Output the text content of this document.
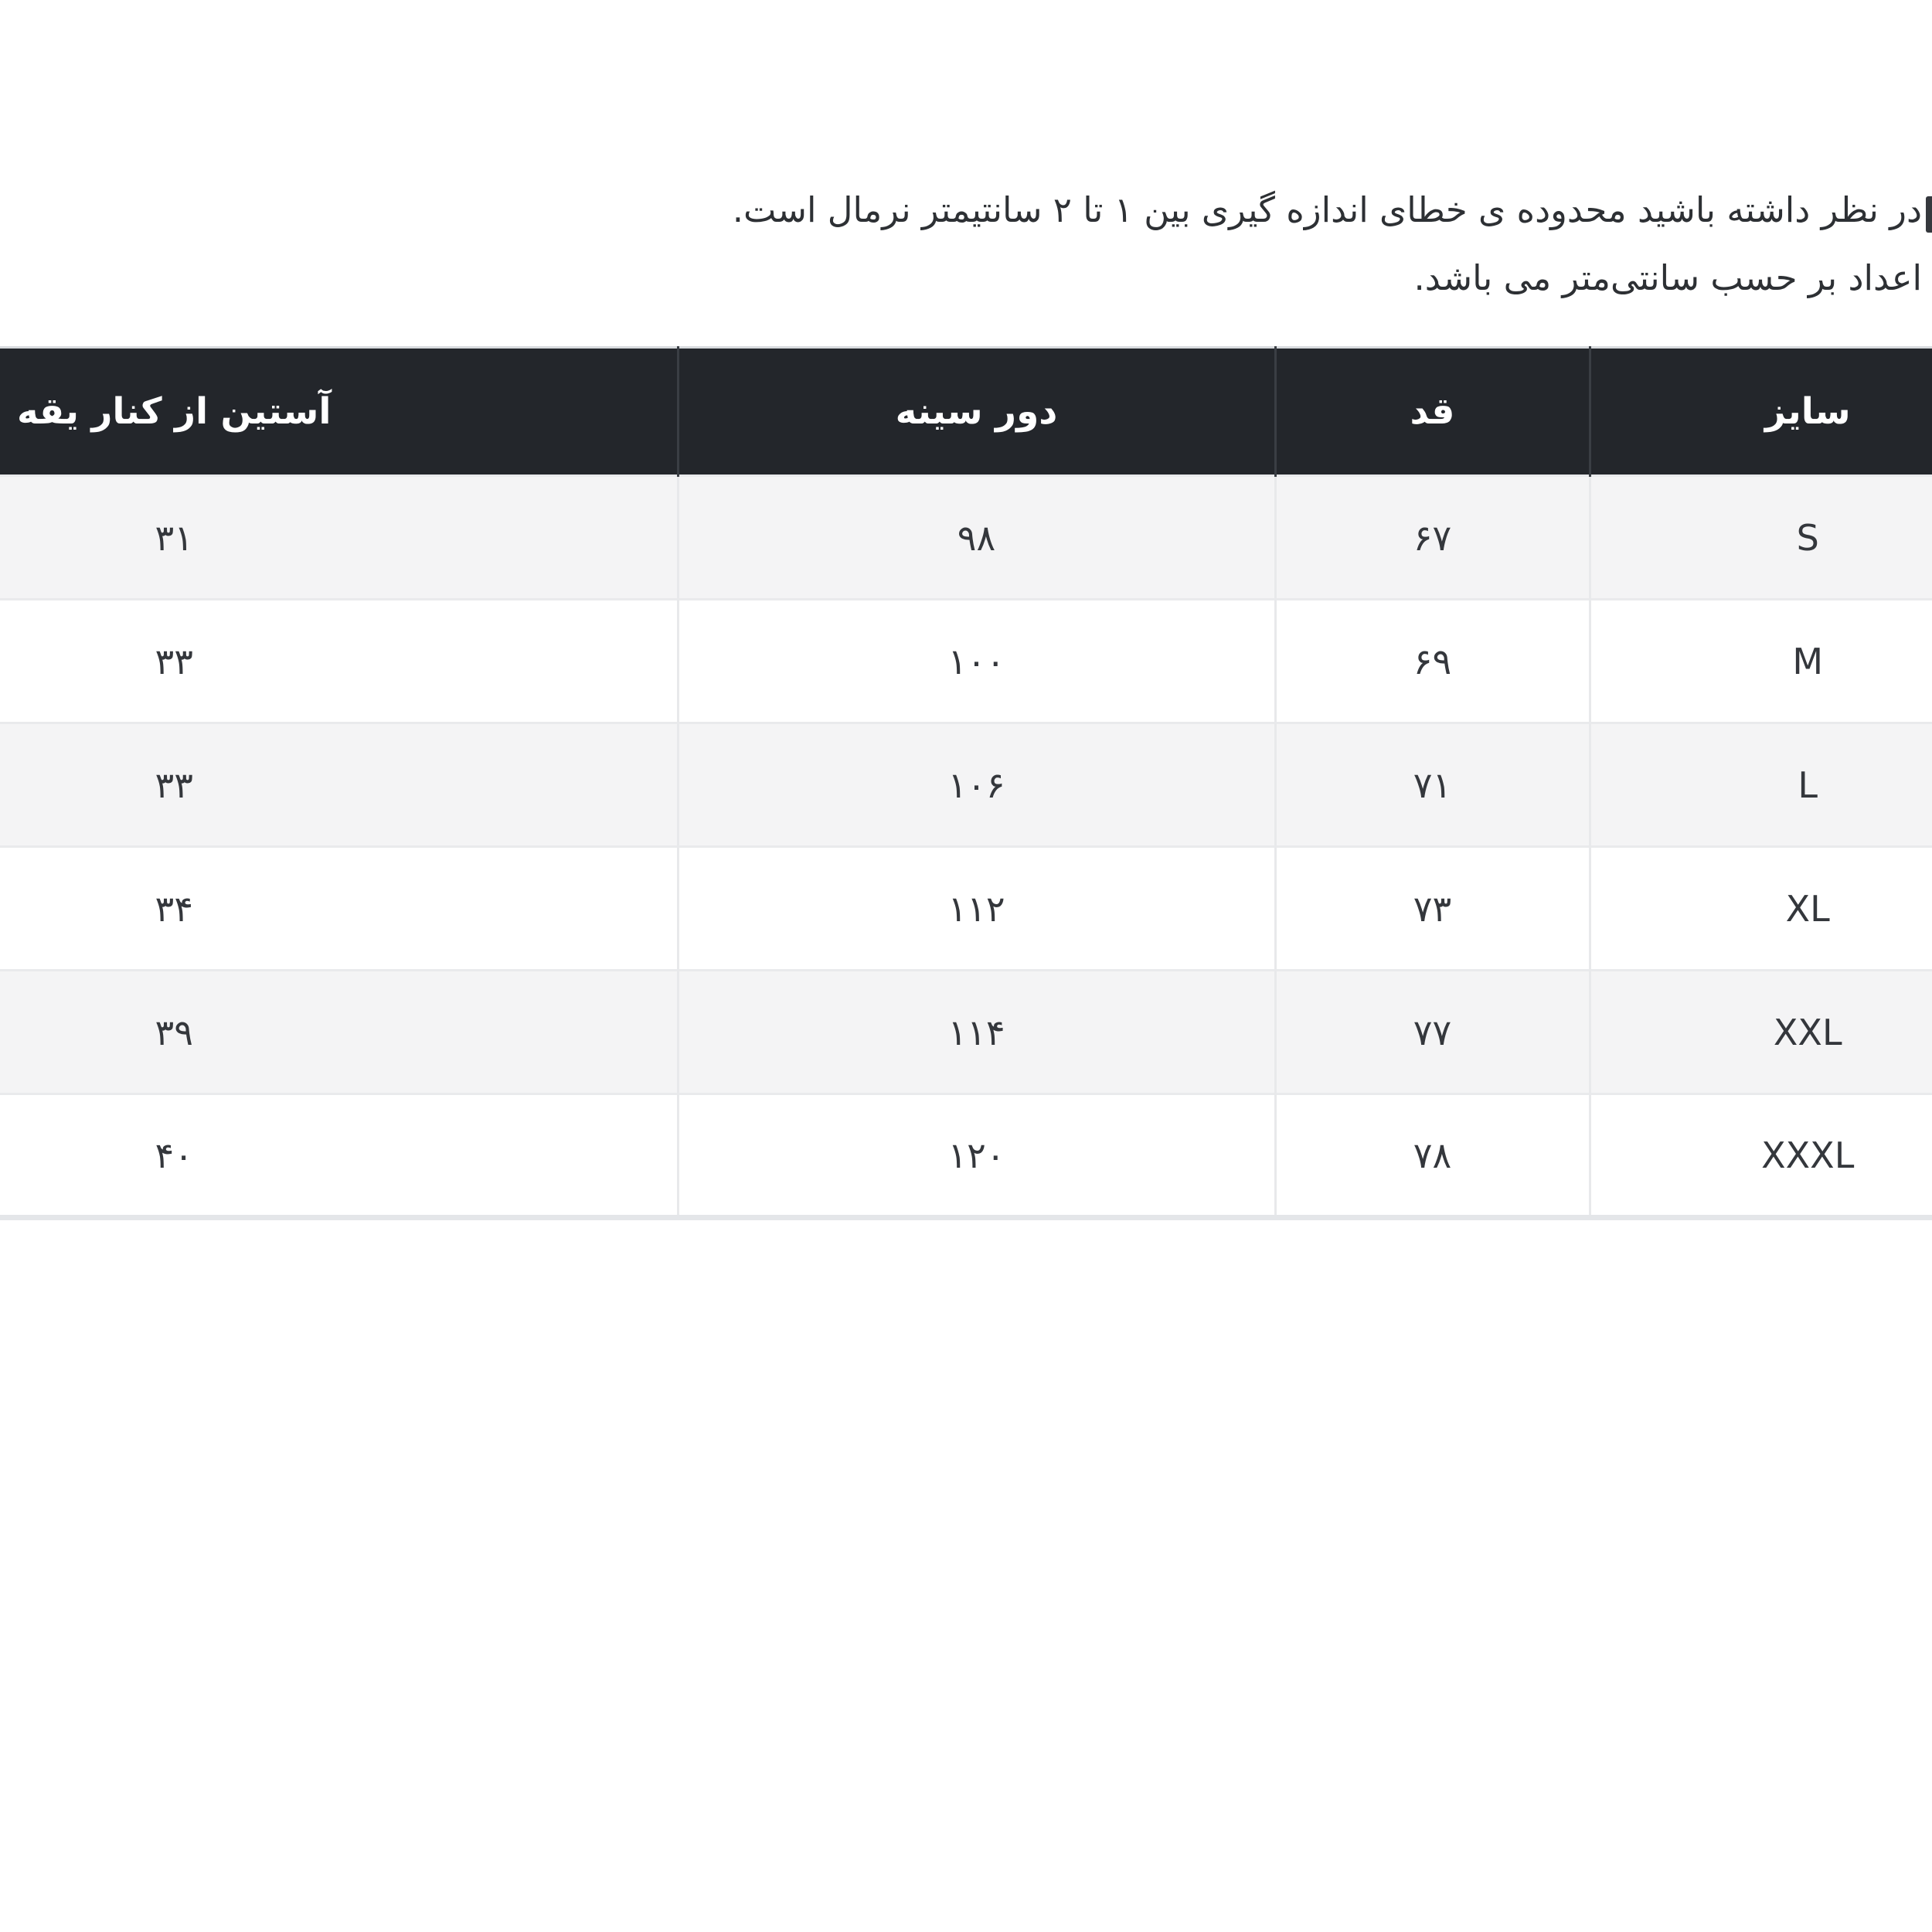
در نظر داشته باشید محدوده ی خطای اندازه گیری بین ۱ تا ۲ سانتیمتر نرمال است.
اعداد بر حسب سانتی‌متر می باشد.
سایز	قد	دور سینه	آستین از کنار یقه
S	۶۷	۹۸	۳۱
M	۶۹	۱۰۰	۳۳
L	۷۱	۱۰۶	۳۳
XL	۷۳	۱۱۲	۳۴
XXL	۷۷	۱۱۴	۳۹
XXXL	۷۸	۱۲۰	۴۰
